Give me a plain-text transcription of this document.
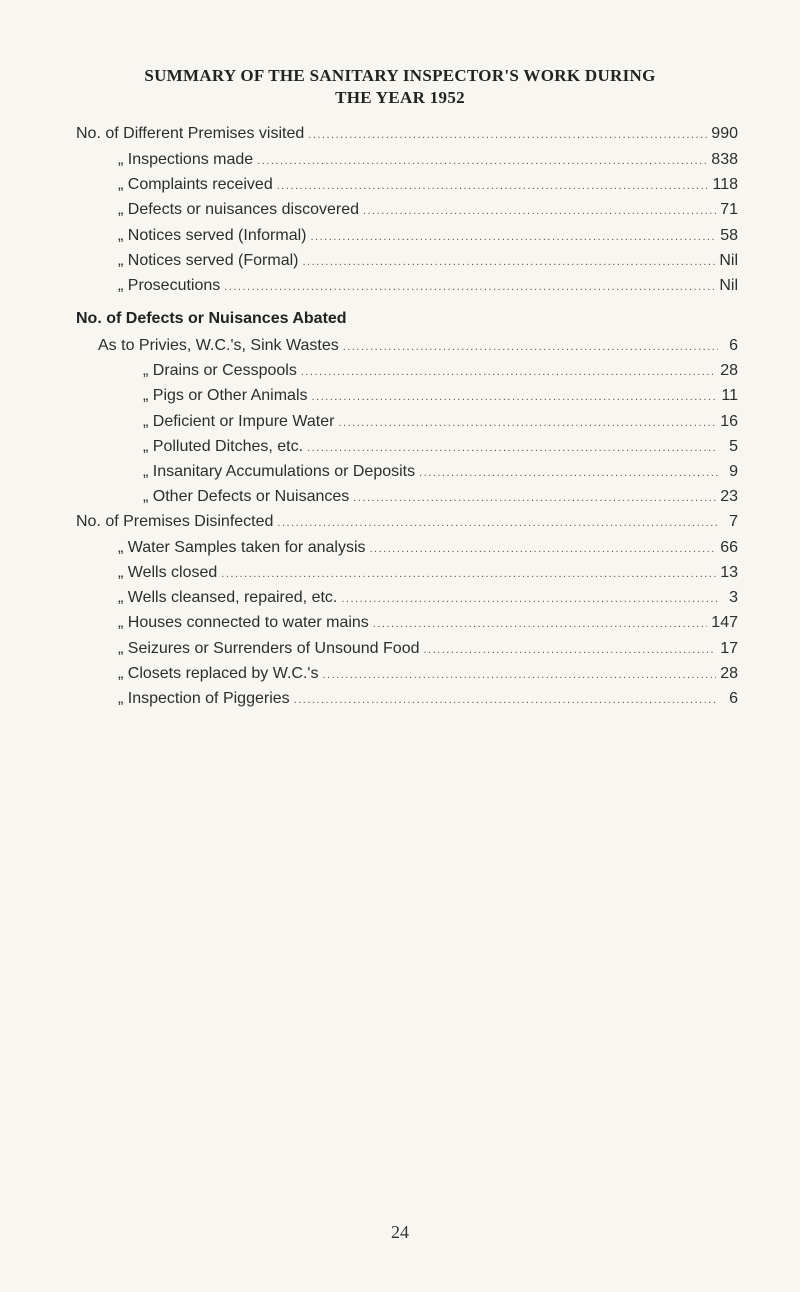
SUMMARY OF THE SANITARY INSPECTOR'S WORK DURING
THE YEAR 1952
No. of Different Premises visited .....	990
„ Inspections made .....	838
„ Complaints received .....	118
„ Defects or nuisances discovered .....	71
„ Notices served (Informal) .....	58
„ Notices served (Formal) .....	Nil
„ Prosecutions .....	Nil
No. of Defects or Nuisances Abated
As to Privies, W.C.'s, Sink Wastes .....	6
„ Drains or Cesspools .....	28
„ Pigs or Other Animals .....	11
„ Deficient or Impure Water .....	16
„ Polluted Ditches, etc. .....	5
„ Insanitary Accumulations or Deposits .....	9
„ Other Defects or Nuisances .....	23
No. of Premises Disinfected .....	7
„ Water Samples taken for analysis .....	66
„ Wells closed .....	13
„ Wells cleansed, repaired, etc. .....	3
„ Houses connected to water mains .....	147
„ Seizures or Surrenders of Unsound Food .....	17
„ Closets replaced by W.C.'s .....	28
„ Inspection of Piggeries .....	6
24
